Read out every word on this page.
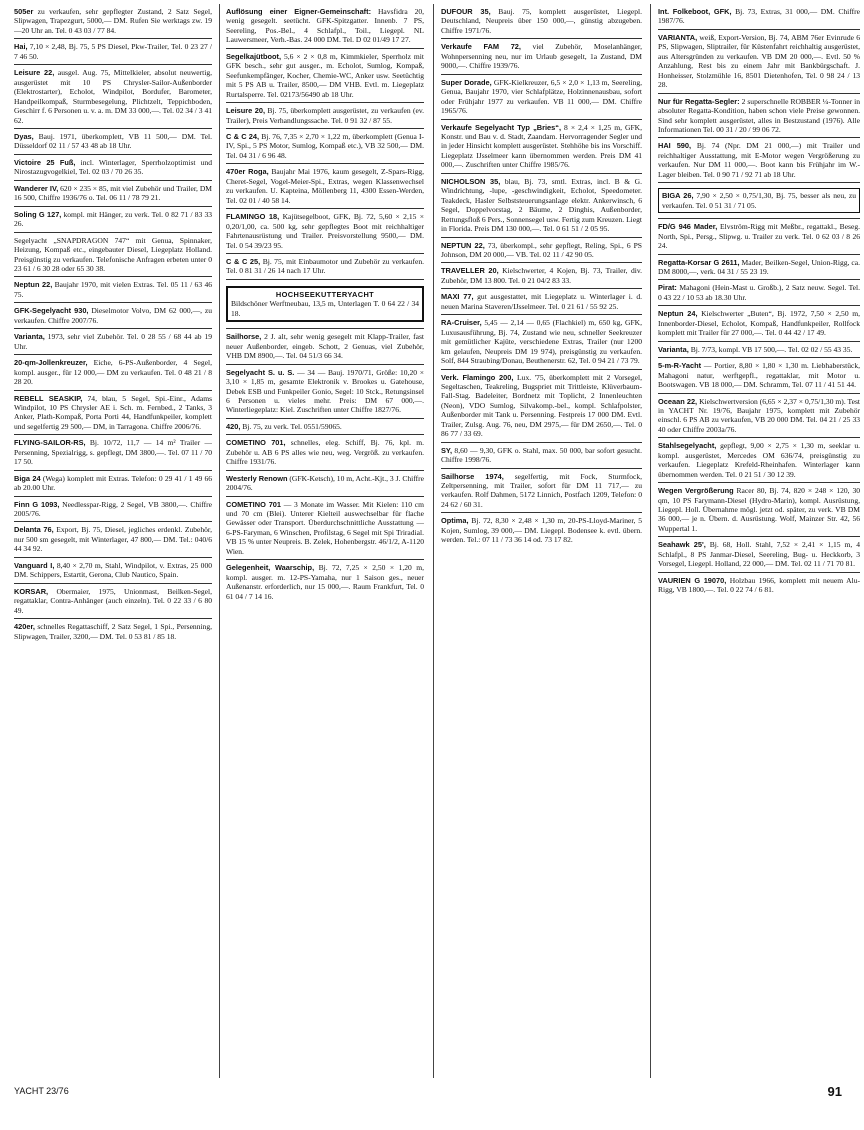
505er zu verkaufen, sehr gepflegter Zustand, 2 Satz Segel, Slipwagen, Trapezgurt, 5000,— DM. Rufen Sie werktags zw. 19—20 Uhr an. Tel. 0 43 03 / 77 84.

Hai, 7,10 × 2,48, Bj. 75, 5 PS Diesel, Pkw-Trailer, Tel. 0 23 27 / 7 46 50.

Leisure 22, ausgel. Aug. 75, Mittelkieler, absolut neuwertig, ausgerüstet mit 10 PS Chrysler-Sailor-Außenborder (Elektrostarter), Echolot, Windpilot, Bordufer, Barometer, Handpeilkompaß, Sturmbesegelung, Plichtzelt, Teppichboden, Geschirr f. 6 Personen u. v. a. m. DM 33 000,—. Tel. 02 34 / 3 41 62.

Dyas, Bauj. 1971, überkomplett, VB 11 500,— DM. Tel. Düsseldorf 02 11 / 57 43 48 ab 18 Uhr.

Victoire 25 Fuß, incl. Winterlager, Sperrholzoptimist und Nirostazugvogelkiel, Tel. 02 03 / 70 26 35.

Wanderer IV, 620 × 235 × 85, mit viel Zubehör und Trailer, DM 16 500, Chiffre 1936/76 o. Tel. 06 11 / 78 79 21.

Soling G 127, kompl. mit Hänger, zu verk. Tel. 0 82 71 / 83 33 26.

Segelyacht „SNAPDRAGON 747“ mit Genua, Spinnaker, Heizung, Kompaß etc., eingebauter Diesel, Liegeplatz Holland. Preisgünstig zu verkaufen. Telefonische Anfragen erbeten unter 0 23 61 / 6 30 28 oder 65 30 38.

Neptun 22, Baujahr 1970, mit vielen Extras. Tel. 05 11 / 63 46 75.

GFK-Segelyacht 930, Dieselmotor Volvo, DM 62 000,—, zu verkaufen. Chiffre 2007/76.

Varianta, 1973, sehr viel Zubehör. Tel. 0 28 55 / 68 44 ab 19 Uhr.

20-qm-Jollenkreuzer, Eiche, 6-PS-Außenborder, 4 Segel, kompl. ausger., für 12 000,— DM zu verkaufen. Tel. 0 48 21 / 8 28 20.

REBELL SEASKIP, 74, blau, 5 Segel, Spi.-Einr., Adams Windpilot, 10 PS Chrysler AE i. Sch. m. Fernbed., 2 Tanks, 3 Anker, Plath-Kompaß, Porta Porti 44, Handfunkpeiler, komplett und segelfertig 29 500,— DM, in Tarragona. Chiffre 2006/76.

FLYING-SAILOR-RS, Bj. 10/72, 11,7 — 14 m² Trailer — Persenning, Spezialrigg, s. gepflegt, DM 3800,—. Tel. 07 11 / 70 17 50.

Biga 24 (Wega) komplett mit Extras. Telefon: 0 29 41 / 1 49 66 ab 20.00 Uhr.

Finn G 1093, Needlesspar-Rigg, 2 Segel, VB 3800,—. Chiffre 2005/76.

Delanta 76, Export, Bj. 75, Diesel, jegliches erdenkl. Zubehör, nur 500 sm gesegelt, mit Winterlager, 47 800,— DM. Tel.: 040/6 44 34 92.

Vanguard I, 8,40 × 2,70 m, Stahl, Windpilot, v. Extras, 25 000 DM. Schippers, Estartit, Gerona, Club Nautico, Spain.

KORSAR, Obermaier, 1975, Unionmast, Beilken-Segel, regattaklar, Contra-Anhänger (auch einzeln). Tel. 0 22 33 / 6 80 49.

420er, schnelles Regattaschiff, 2 Satz Segel, 1 Spi., Persenning, Slipwagen, Trailer, 3200,— DM. Tel. 0 53 81 / 85 18.

Auflösung einer Eigner-Gemeinschaft: Havsfidra 20, wenig gesegelt. seetücht. GFK-Spitzgatter. Innenb. 7 PS, Seereling, Pos.-Bel., 4 Schlafpl., Toil., Liegepl. NL Lauwersmeer, Verh.-Bas. 24 000 DM. Tel. D 02 01/49 17 27.

Segelkajütboot, 5,6 × 2 × 0,8 m, Kimmkieler, Sperrholz mit GFK besch., sehr gut ausger., m. Echolot, Sumlog, Kompaß, Seefunkempfänger, Kocher, Chemie-WC, Anker usw. Seetüchtig mit 5 PS AB u. Trailer, 8500,— DM VHB. Evtl. m. Liegeplatz Rurtalsperre. Tel. 02173/56490 ab 18 Uhr.

Leisure 20, Bj. 75, überkomplett ausgerüstet, zu verkaufen (ev. Trailer), Preis Verhandlungssache. Tel. 0 91 32 / 87 55.

C & C 24, Bj. 76, 7,35 × 2,70 × 1,22 m, überkomplett (Genua I-IV, Spi., 5 PS Motor, Sumlog, Kompaß etc.), VB 32 500,— DM. Tel. 04 31 / 6 96 48.

470er Roga, Baujahr Mai 1976, kaum gesegelt, Z-Spars-Rigg, Cheret-Segel, Vogel-Meier-Spi., Extras, wegen Klassenwechsel zu verkaufen. U. Kapteina, Möllenberg 11, 4300 Essen-Werden, Tel. 02 01 / 40 58 14.

FLAMINGO 18, Kajütsegelboot, GFK, Bj. 72, 5,60 × 2,15 × 0,20/1,00, ca. 500 kg, sehr gepflegtes Boot mit reichhaltiger Fahrtenausrüstung und Trailer. Preisvorstellung 9500,— DM. Tel. 0 54 39/23 95.

C & C 25, Bj. 75, mit Einbaumotor und Zubehör zu verkaufen. Tel. 0 81 31 / 26 14 nach 17 Uhr.

HOCHSEEKUTTERYACHT
Bildschöner Werftneubau, 13,5 m, Unterlagen T. 0 64 22 / 34 18.

Sailhorse, 2 J. alt, sehr wenig gesegelt mit Klapp-Trailer, fast neuer Außenborder, eingeb. Schott, 2 Genuas, viel Zubehör, VHB DM 8900,—. Tel. 04 51/3 66 34.

Segelyacht S. u. S. — 34 — Bauj. 1970/71, Größe: 10,20 × 3,10 × 1,85 m, gesamte Elektronik v. Brookes u. Gatehouse, Debek ESB und Funkpeiler Gonio, Segel: 10 Stck., Retungsinsel 6 Personen u. vieles mehr. Preis: DM 67 000,—. Winterliegeplatz: Kiel. Zuschriften unter Chiffre 1827/76.

420, Bj. 75, zu verk. Tel. 0551/59065.

COMETINO 701, schnelles, eleg. Schiff, Bj. 76, kpl. m. Zubehör u. AB 6 PS alles wie neu, weg. Vergröß. zu verkaufen. Chiffre 1931/76.

Westerly Renown (GFK-Ketsch), 10 m, Acht.-Kjt., 3 J. Chiffre 2004/76.

COMETINO 701 — 3 Monate im Wasser. Mit Kielen: 110 cm und 70 cm (Blei). Unterer Kielteil auswechselbar für flache Gewässer oder Transport. Überdurchschnittliche Ausstattung — 6-PS-Faryman, 6 Winschen, Profilstag, 6 Segel mit Spi Triradial. VB 15 % unter Neupreis. B. Zelek, Hohenbergstr. 46/1/2, A-1120 Wien.

Gelegenheit, Waarschip, Bj. 72, 7,25 × 2,50 × 1,20 m, kompl. ausger. m. 12-PS-Yamaha, nur 1 Saison ges., neuer Außenanstr. erforderlich, nur 15 000,—. Raum Frankfurt, Tel. 0 61 04 / 7 14 16.

DUFOUR 35, Bauj. 75, komplett ausgerüstet, Liegepl. Deutschland, Neupreis über 150 000,—, günstig abzugeben. Chiffre 1971/76.

Verkaufe FAM 72, viel Zubehör, Moselanhänger, Wohnpersenning neu, nur im Urlaub gesegelt, 1a Zustand, DM 9000,—. Chiffre 1939/76.

Super Dorade, GFK-Kielkreuzer, 6,5 × 2,0 × 1,13 m, Seereling, Genua, Baujahr 1970, vier Schlafplätze, Holzinnenausbau, sofort oder Frühjahr 1977 zu verkaufen. VB 11 000,— DM. Chiffre 1965/76.

Verkaufe Segelyacht Typ „Bries“, 8 × 2,4 × 1,25 m, GFK, Konstr. und Bau v. d. Stadt, Zaandam. Hervorragender Segler und in jeder Hinsicht komplett ausgerüstet. Stehhöhe bis ins Vorschiff. Liegeplatz IJsselmeer kann übernommen werden. Preis DM 41 000,—. Zuschriften unter Chiffre 1985/76.

NICHOLSON 35, blau, Bj. 73, smtl. Extras, incl. B & G. Windrichtung, -lupe, -geschwindigkeit, Echolot, Speedometer. Teakdeck, Hasler Selbststeuerungsanlage elektr. Ankerwinsch, 6 Segel, Doppelvorstag, 2 Bäume, 2 Dinghis, Außenborder, Rettungsfloß 6 Pers., Sonnensegel usw. Fertig zum Kreuzen. Liegt in Florida. Preis DM 130 000,—. Tel. 0 61 51 / 2 05 95.

NEPTUN 22, 73, überkompl., sehr gepflegt, Reling, Spi., 6 PS Johnson, DM 20 000,— VB. Tel. 02 11 / 42 90 05.

TRAVELLER 20, Kielschwerter, 4 Kojen, Bj. 73, Trailer, div. Zubehör, DM 13 800. Tel. 0 21 04/2 83 33.

MAXI 77, gut ausgestattet, mit Liegeplatz u. Winterlager i. d. neuen Marina Staveren/IJsselmeer. Tel. 0 21 61 / 55 92 25.

RA-Cruiser, 5,45 — 2,14 — 0,65 (Flachkiel) m, 650 kg, GFK, Luxusausführung, Bj. 74, Zustand wie neu, schneller Seekreuzer mit gemütlicher Kajüte, verschiedene Extras, Trailer (nur 1200 km gelaufen, Neupreis DM 19 974), preisgünstig zu verkaufen. Solf, 844 Straubing/Donau, Beuthenerstr. 62, Tel. 0 94 21 / 73 79.

Verk. Flamingo 200, Lux. '75, überkomplett mit 2 Vorsegel, Segeltaschen, Teakreling, Bugspriet mit Trittleiste, Klüverbaum-Fall-Stag. Badeleiter, Bordnetz mit Toplicht, 2 Innenleuchten (Neon), VDO Sumlog, Silvakomp.-bel., kompl. Schlafpolster, Außenborder mit Tank u. Persenning. Festpreis 17 000 DM. Evtl. Trailer, Zulsg. Aug. 76, neu, DM 2975,— für DM 2650,—. Tel. 0 86 77 / 33 69.

SY, 8,60 — 9,30, GFK o. Stahl, max. 50 000, bar sofort gesucht. Chiffre 1998/76.

Sailhorse 1974, segelfertig, mit Fock, Sturmfock, Zeltpersenning, mit Trailer, sofort für DM 11 717,— zu verkaufen. Rolf Dahmen, 5172 Linnich, Postfach 1209, Telefon: 0 24 62 / 60 31.

Optima, Bj. 72, 8,30 × 2,48 × 1,30 m, 20-PS-Lloyd-Mariner, 5 Kojen, Sumlog, 39 000,— DM. Liegepl. Bodensee k. evtl. übern. werden. Tel.: 07 11 / 73 36 14 od. 73 17 82.

Int. Folkeboot, GFK, Bj. 73, Extras, 31 000,— DM. Chiffre 1987/76.

VARIANTA, weiß, Export-Version, Bj. 74, ABM 76er Evinrude 6 PS, Slipwagen, Sliptrailer, für Küstenfahrt reichhaltig ausgerüstet, aus Altersgründen zu verkaufen. VB DM 20 000,—. Evtl. 50 % Anzahlung, Rest bis zu einem Jahr mit Bankbürgschaft. J. Honheisser, Stolzmühle 16, 8501 Dietenhofen, Tel. 0 98 24 / 13 28.

Nur für Regatta-Segler: 2 superschnelle ROBBER ¼-Tonner in absoluter Regatta-Kondition, haben schon viele Preise gewonnen. Sind sehr komplett ausgerüstet, alles in Bestzustand (1976). Alle Informationen Tel. 00 31 / 20 / 99 06 72.

HAI 590, Bj. 74 (Npr. DM 21 000,—) mit Trailer und reichhaltiger Ausstattung, mit E-Motor wegen Vergrößerung zu verkaufen. Nur DM 11 000,—. Boot kann bis Frühjahr im W.-Lager bleiben. Tel. 0 90 71 / 92 71 ab 18 Uhr.

BIGA 26, 7,90 × 2,50 × 0,75/1,30, Bj. 75, besser als neu, zu verkaufen. Tel. 0 51 31 / 71 05.

FD/G 946 Mader, Elvström-Rigg mit Meßbr., regattakl., Beseg. North, Spi., Persg., Slipwg. u. Trailer zu verk. Tel. 0 62 03 / 8 26 24.

Regatta-Korsar G 2611, Mader, Beilken-Segel, Union-Rigg, ca. DM 8000,—, verk. 04 31 / 55 23 19.

Pirat: Mahagoni (Hein-Mast u. Großb.), 2 Satz neuw. Segel. Tel. 0 43 22 / 10 53 ab 18.30 Uhr.

Neptun 24, Kielschwerter „Buten“, Bj. 1972, 7,50 × 2,50 m, Innenborder-Diesel, Echolot, Kompaß, Handfunkpeiler, Rollfock komplett mit Trailer für 27 000,—. Tel. 0 44 42 / 17 49.

Varianta, Bj. 7/73, kompl. VB 17 500,—. Tel. 02 02 / 55 43 35.

5-m-R-Yacht — Portier, 8,80 × 1,80 × 1,30 m. Liebhaberstück, Mahagoni natur, werftgepfl., regattaklar, mit Motor u. Bootswagen. VB 18 000,— DM. Schramm, Tel. 07 11 / 41 51 44.

Oceaan 22, Kielschwertversion (6,65 × 2,37 × 0,75/1,30 m). Test in YACHT Nr. 19/76, Baujahr 1975, komplett mit Zubehör einschl. 6 PS AB zu verkaufen, VB 20 000 DM. Tel. 04 21 / 25 33 40 oder Chiffre 2003a/76.

Stahlsegelyacht, gepflegt, 9,00 × 2,75 × 1,30 m, seeklar u. kompl. ausgerüstet, Mercedes OM 636/74, preisgünstig zu verkaufen. Liegeplatz Krefeld-Rheinhafen. Winterlager kann übernommen werden. Tel. 0 21 51 / 30 12 39.

Wegen Vergrößerung Racer 80, Bj. 74, 820 × 248 × 120, 30 qm, 10 PS Farymann-Diesel (Hydro-Marin), kompl. Ausrüstung, Liegepl. Holl. Übernahme mögl. jetzt od. später, zu verk. VB DM 36 000,— je n. Übern. d. Ausrüstung. Wolf, Mainzer Str. 42, 56 Wuppertal 1.

Seahawk 25', Bj. 68, Holl. Stahl, 7,52 × 2,41 × 1,15 m, 4 Schlafpl., 8 PS Janmar-Diesel, Seereling, Bug- u. Heckkorb, 3 Vorsegel, Liegepl. Holland, 22 000,— DM. Tel. 02 11 / 71 70 81.

VAURIEN G 19070, Holzbau 1966, komplett mit neuem Alu-Rigg, VB 1800,—. Tel. 0 22 74 / 6 81.

YACHT 23/76	91
